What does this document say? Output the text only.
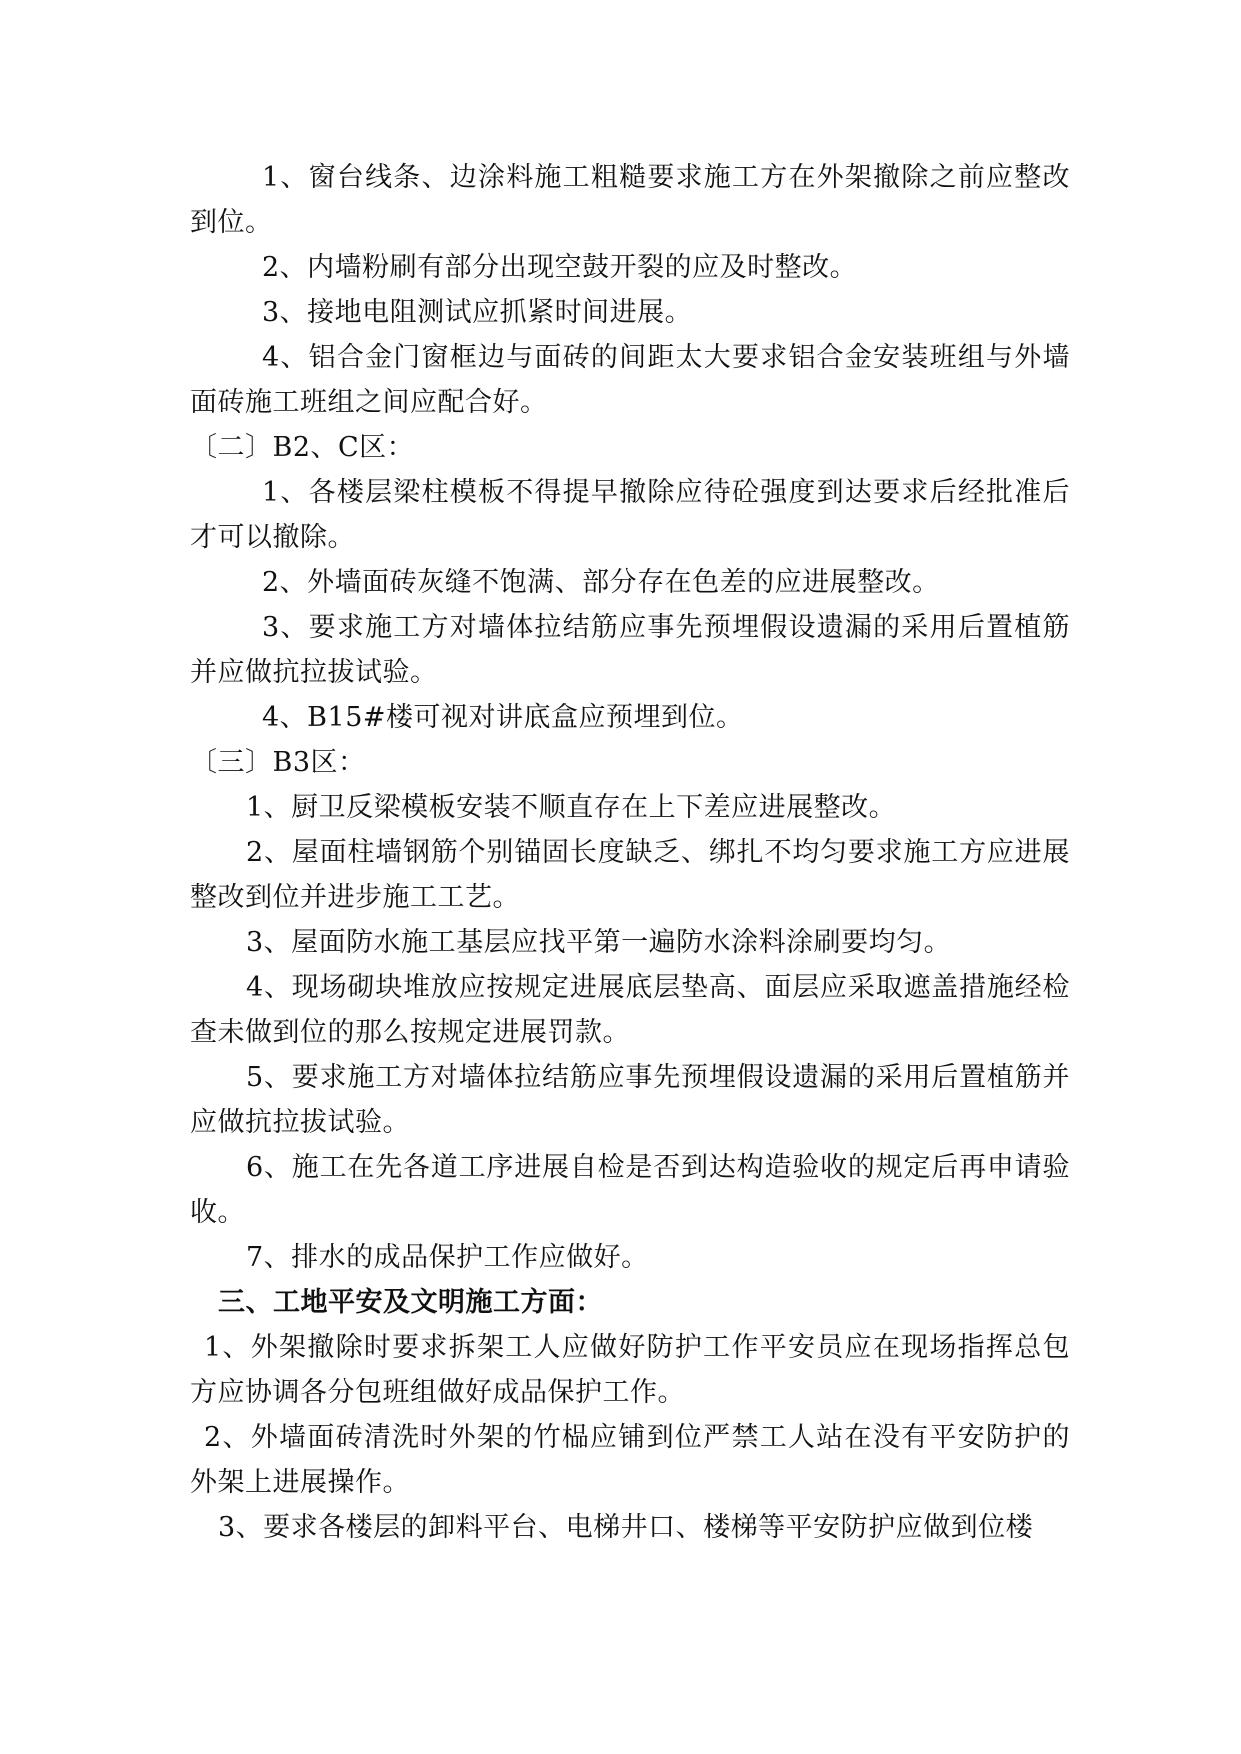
1、窗台线条、边涂料施工粗糙要求施工方在外架撤除之前应整改到位。

2、内墙粉刷有部分出现空鼓开裂的应及时整改。

3、接地电阻测试应抓紧时间进展。

4、铝合金门窗框边与面砖的间距太大要求铝合金安装班组与外墙面砖施工班组之间应配合好。

〔二〕B2、C区：

1、各楼层梁柱模板不得提早撤除应待砼强度到达要求后经批准后才可以撤除。

2、外墙面砖灰缝不饱满、部分存在色差的应进展整改。

3、要求施工方对墙体拉结筋应事先预埋假设遗漏的采用后置植筋并应做抗拉拔试验。

4、B15#楼可视对讲底盒应预埋到位。

〔三〕B3区：

1、厨卫反梁模板安装不顺直存在上下差应进展整改。

2、屋面柱墙钢筋个别锚固长度缺乏、绑扎不均匀要求施工方应进展整改到位并进步施工工艺。

3、屋面防水施工基层应找平第一遍防水涂料涂刷要均匀。

4、现场砌块堆放应按规定进展底层垫高、面层应采取遮盖措施经检查未做到位的那么按规定进展罚款。

5、要求施工方对墙体拉结筋应事先预埋假设遗漏的采用后置植筋并应做抗拉拔试验。

6、施工在先各道工序进展自检是否到达构造验收的规定后再申请验收。

7、排水的成品保护工作应做好。

三、工地平安及文明施工方面：

1、外架撤除时要求拆架工人应做好防护工作平安员应在现场指挥总包方应协调各分包班组做好成品保护工作。

2、外墙面砖清洗时外架的竹榀应铺到位严禁工人站在没有平安防护的外架上进展操作。

3、要求各楼层的卸料平台、电梯井口、楼梯等平安防护应做到位楼
